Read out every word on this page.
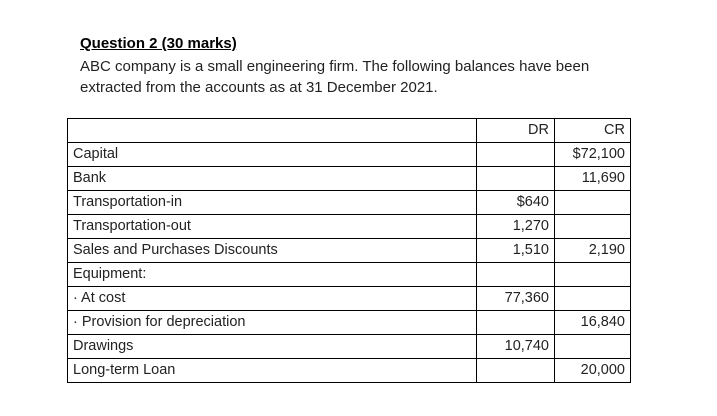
Question 2 (30 marks)
ABC company is a small engineering firm. The following balances have been extracted from the accounts as at 31 December 2021.
	DR	CR
Capital		$72,100
Bank		11,690
Transportation-in	$640	
Transportation-out	1,270	
Sales and Purchases Discounts	1,510	2,190
Equipment:		
· At cost	77,360	
· Provision for depreciation		16,840
Drawings	10,740	
Long-term Loan		20,000
